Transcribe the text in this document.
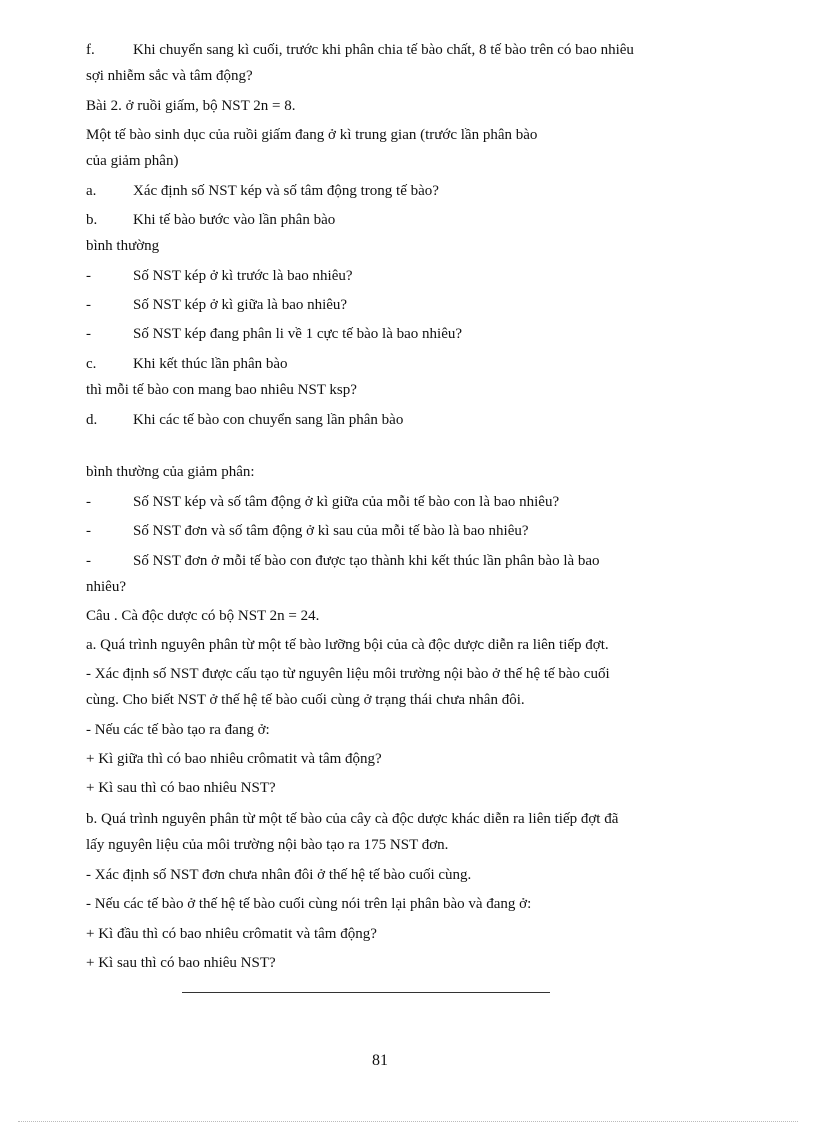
f.	Khi chuyển sang kì cuối, trước khi phân chia tế bào chất, 8 tế bào trên có bao nhiêu
sợi nhiễm sắc và tâm động?
Bài 2. ở ruồi giấm, bộ NST 2n = 8.
Một tế bào sinh dục của ruồi giấm đang ở kì trung gian (trước lần phân bào
của giảm phân)
a. Xác định số NST kép và số tâm động trong tế bào?
b. Khi tế bào bước vào lần phân bào
bình thường
-	Số NST kép ở kì trước là bao nhiêu?
-	Số NST kép ở kì giữa là bao nhiêu?
-	Số NST kép đang phân li về 1 cực tế bào là bao nhiêu?
c. Khi kết thúc lần phân bào
thì mỗi tế bào con mang bao nhiêu NST ksp?
d. Khi các tế bào con chuyển sang lần phân bào
bình thường của giảm phân:
-	Số NST kép và số tâm động ở kì giữa của mỗi tế bào con là bao nhiêu?
-	Số NST đơn và số tâm động ở kì sau của mỗi tế bào là bao nhiêu?
-	Số NST đơn ở mỗi tế bào con được tạo thành khi kết thúc lần phân bào là bao
nhiêu?
Câu . Cà độc dược có bộ NST 2n = 24.
a. Quá trình nguyên phân từ một tế bào lưỡng bội của cà độc dược diễn ra liên tiếp đợt.
- Xác định số NST được cấu tạo từ nguyên liệu môi trường nội bào ở thế hệ tế bào cuối
cùng. Cho biết NST ở thế hệ tế bào cuối cùng ở trạng thái chưa nhân đôi.
- Nếu các tế bào tạo ra đang ở:
+ Kì giữa thì có bao nhiêu crômatit và tâm động?
+ Kì sau thì có bao nhiêu NST?
b. Quá trình nguyên phân từ một tế bào của cây cà độc dược khác diễn ra liên tiếp đợt đã
lấy nguyên liệu của môi trường nội bào tạo ra 175 NST đơn.
- Xác định số NST đơn chưa nhân đôi ở thế hệ tế bào cuối cùng.
- Nếu các tế bào ở thế hệ tế bào cuối cùng nói trên lại phân bào và đang ở:
+ Kì đầu thì có bao nhiêu crômatit và tâm động?
+ Kì sau thì có bao nhiêu NST?
81
